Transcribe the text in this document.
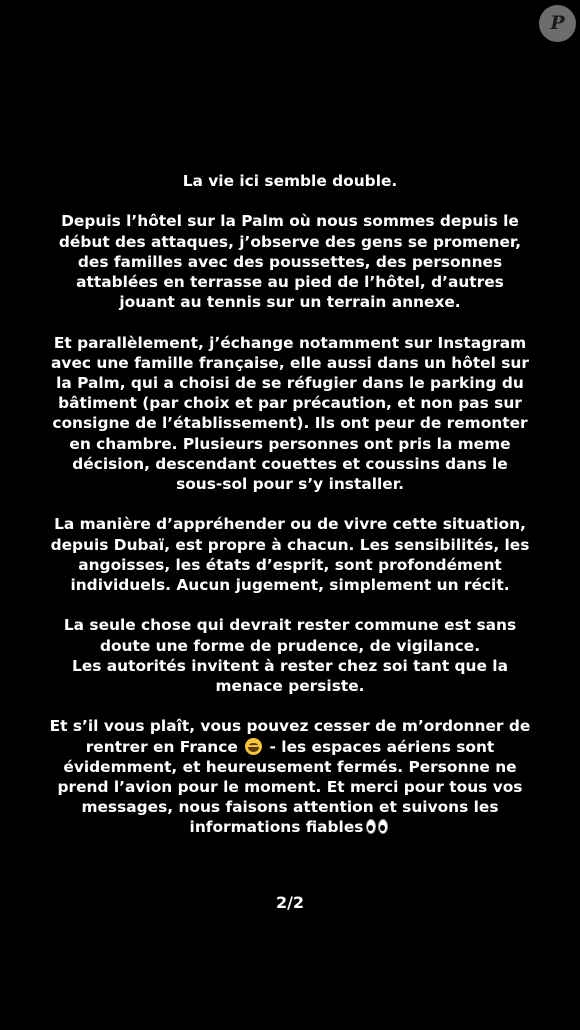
P

La vie ici semble double.

Depuis l’hôtel sur la Palm où nous sommes depuis le début des attaques, j’observe des gens se promener, des familles avec des poussettes, des personnes attablées en terrasse au pied de l’hôtel, d’autres jouant au tennis sur un terrain annexe.

Et parallèlement, j’échange notamment sur Instagram avec une famille française, elle aussi dans un hôtel sur la Palm, qui a choisi de se réfugier dans le parking du bâtiment (par choix et par précaution, et non pas sur consigne de l’établissement). Ils ont peur de remonter en chambre. Plusieurs personnes ont pris la meme décision, descendant couettes et coussins dans le sous-sol pour s’y installer.

La manière d’appréhender ou de vivre cette situation, depuis Dubaï, est propre à chacun. Les sensibilités, les angoisses, les états d’esprit, sont profondément individuels. Aucun jugement, simplement un récit.

La seule chose qui devrait rester commune est sans doute une forme de prudence, de vigilance.
Les autorités invitent à rester chez soi tant que la menace persiste.

Et s’il vous plaît, vous pouvez cesser de m’ordonner de rentrer en France  - les espaces aériens sont évidemment, et heureusement fermés. Personne ne prend l’avion pour le moment. Et merci pour tous vos messages, nous faisons attention et suivons les informations fiables

2/2
